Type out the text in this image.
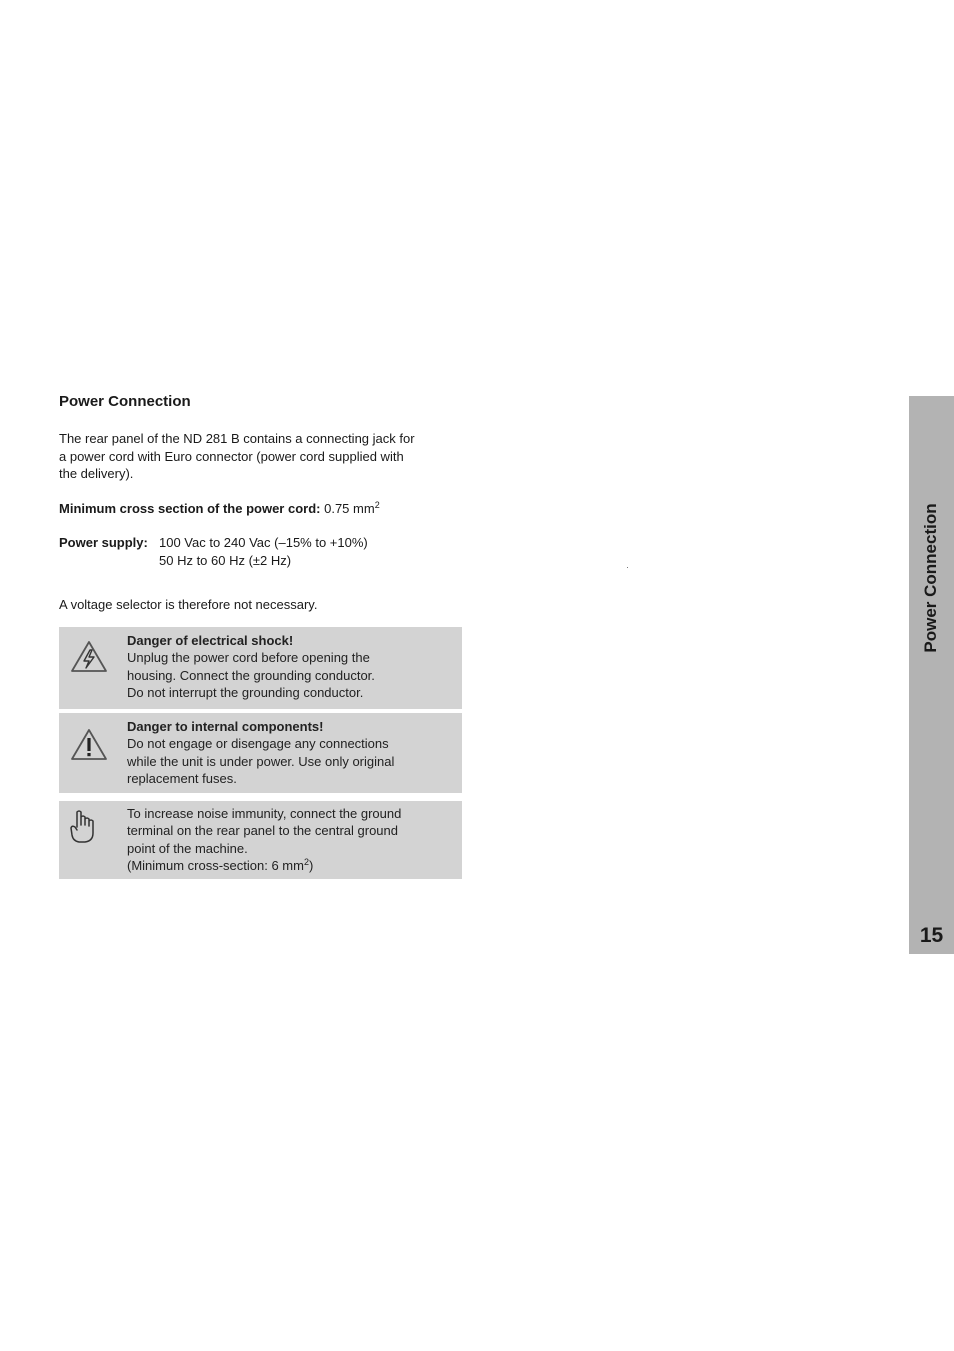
Power Connection
The rear panel of the ND 281 B contains a connecting jack for
a power cord with Euro connector (power cord supplied with
the delivery).
Minimum cross section of the power cord: 0.75 $mm^2$
Power supply: 100 Vac to 240 Vac (–15% to +10%)
50 Hz to 60 Hz (±2 Hz)

A voltage selector is therefore not necessary.

Danger of electrical shock!
Unplug the power cord before opening the
housing. Connect the grounding conductor.
Do not interrupt the grounding conductor.
Danger to internal components!
Do not engage or disengage any connections
while the unit is under power. Use only original
replacement fuses.
To increase noise immunity, connect the ground
terminal on the rear panel to the central ground
point of the machine.
(Minimum cross-section: 6 $mm^2$)
Power Connection
15
